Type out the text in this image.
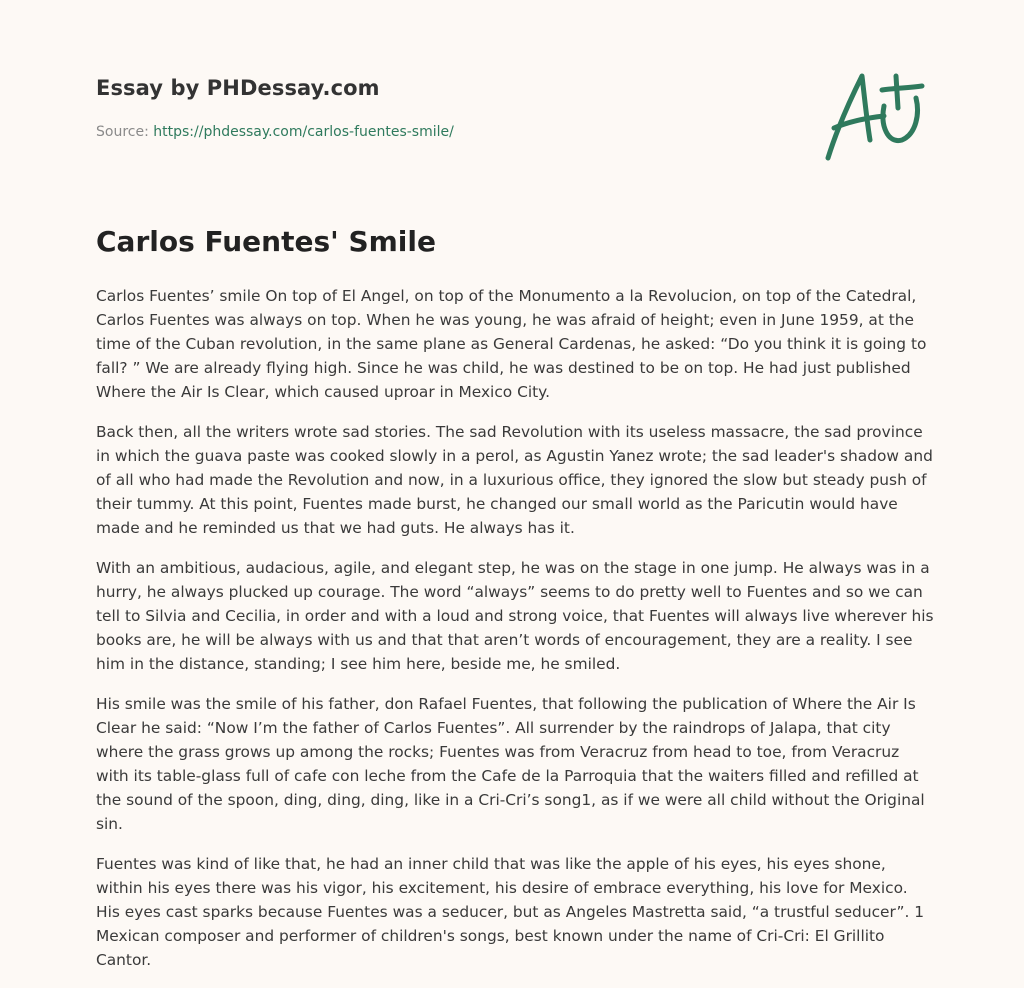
Essay by PHDessay.com
Source: https://phdessay.com/carlos-fuentes-smile/
Carlos Fuentes' Smile

Carlos Fuentes’ smile On top of El Angel, on top of the Monumento a la Revolucion, on top of the Catedral, Carlos Fuentes was always on top. When he was young, he was afraid of height; even in June 1959, at the time of the Cuban revolution, in the same plane as General Cardenas, he asked: “Do you think it is going to fall? ” We are already flying high. Since he was child, he was destined to be on top. He had just published Where the Air Is Clear, which caused uproar in Mexico City.

Back then, all the writers wrote sad stories. The sad Revolution with its useless massacre, the sad province in which the guava paste was cooked slowly in a perol, as Agustin Yanez wrote; the sad leader's shadow and of all who had made the Revolution and now, in a luxurious office, they ignored the slow but steady push of their tummy. At this point, Fuentes made burst, he changed our small world as the Paricutin would have made and he reminded us that we had guts. He always has it.

With an ambitious, audacious, agile, and elegant step, he was on the stage in one jump. He always was in a hurry, he always plucked up courage. The word “always” seems to do pretty well to Fuentes and so we can tell to Silvia and Cecilia, in order and with a loud and strong voice, that Fuentes will always live wherever his books are, he will be always with us and that that aren’t words of encouragement, they are a reality. I see him in the distance, standing; I see him here, beside me, he smiled.

His smile was the smile of his father, don Rafael Fuentes, that following the publication of Where the Air Is Clear he said: “Now I’m the father of Carlos Fuentes”. All surrender by the raindrops of Jalapa, that city where the grass grows up among the rocks; Fuentes was from Veracruz from head to toe, from Veracruz with its table-glass full of cafe con leche from the Cafe de la Parroquia that the waiters filled and refilled at the sound of the spoon, ding, ding, ding, like in a Cri-Cri’s song1, as if we were all child without the Original sin.

Fuentes was kind of like that, he had an inner child that was like the apple of his eyes, his eyes shone, within his eyes there was his vigor, his excitement, his desire of embrace everything, his love for Mexico. His eyes cast sparks because Fuentes was a seducer, but as Angeles Mastretta said, “a trustful seducer”. 1 Mexican composer and performer of children's songs, best known under the name of Cri-Cri: El Grillito Cantor.
